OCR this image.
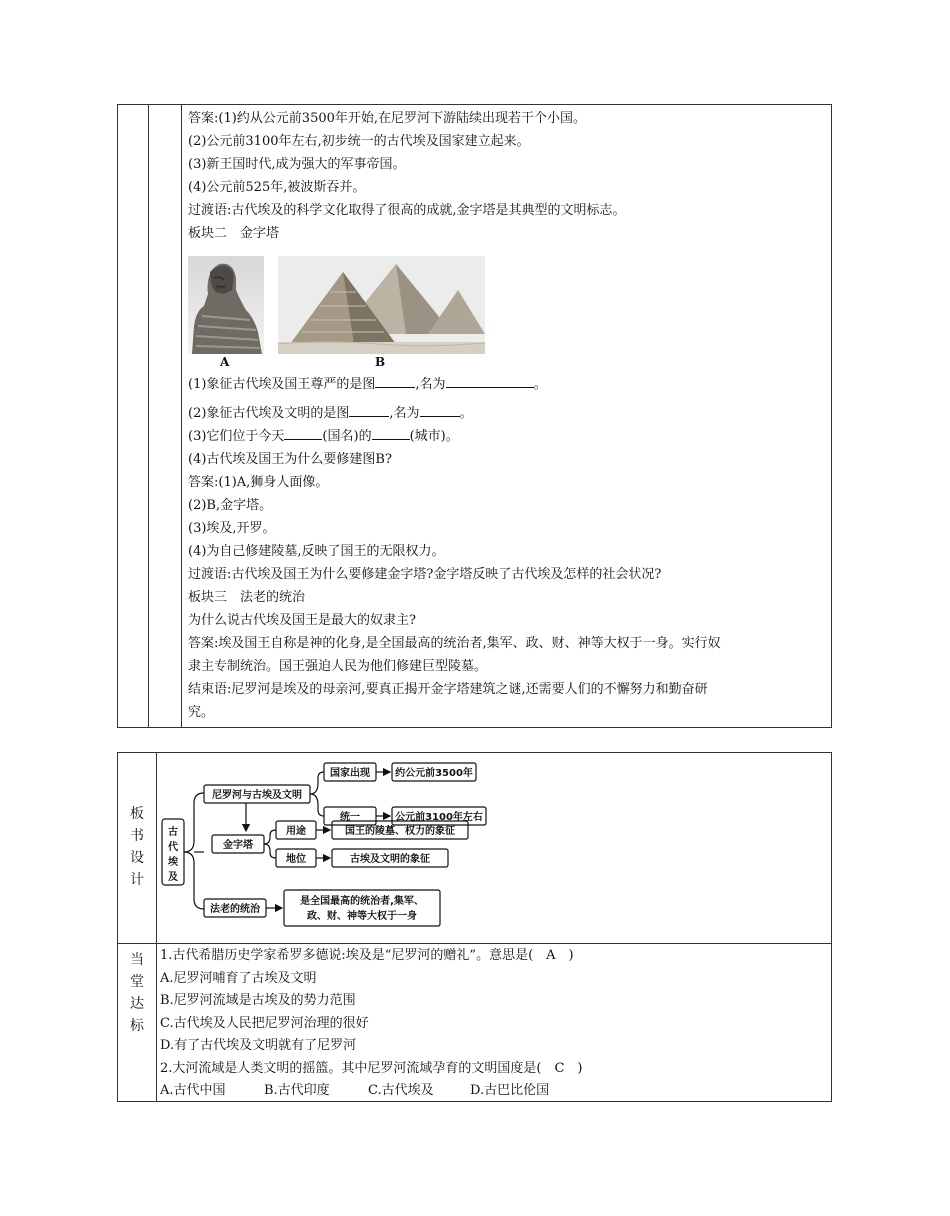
答案:(1)约从公元前3500年开始,在尼罗河下游陆续出现若干个小国。
(2)公元前3100年左右,初步统一的古代埃及国家建立起来。
(3)新王国时代,成为强大的军事帝国。
(4)公元前525年,被波斯吞并。
过渡语:古代埃及的科学文化取得了很高的成就,金字塔是其典型的文明标志。
板块二　金字塔
A	B
(1)象征古代埃及国王尊严的是图	,名为	。
(2)象征古代埃及文明的是图	,名为	。
(3)它们位于今天	(国名)的	(城市)。
(4)古代埃及国王为什么要修建图B?
答案:(1)A,狮身人面像。
(2)B,金字塔。
(3)埃及,开罗。
(4)为自己修建陵墓,反映了国王的无限权力。
过渡语:古代埃及国王为什么要修建金字塔?金字塔反映了古代埃及怎样的社会状况?
板块三　法老的统治
为什么说古代埃及国王是最大的奴隶主?
答案:埃及国王自称是神的化身,是全国最高的统治者,集军、政、财、神等大权于一身。实行奴
隶主专制统治。国王强迫人民为他们修建巨型陵墓。
结束语:尼罗河是埃及的母亲河,要真正揭开金字塔建筑之谜,还需要人们的不懈努力和勤奋研
究。
板
书
设
计
古
代
埃
及
尼罗河与古埃及文明
国家出现
统一
约公元前3500年
公元前3100年左右
金字塔
用途
地位
国王的陵墓、权力的象征
古埃及文明的象征
法老的统治
是全国最高的统治者,集军、
政、财、神等大权于一身
当
堂
达
标
1.古代希腊历史学家希罗多德说:埃及是“尼罗河的赠礼”。意思是(　A　)
A.尼罗河哺育了古埃及文明
B.尼罗河流域是古埃及的势力范围
C.古代埃及人民把尼罗河治理的很好
D.有了古代埃及文明就有了尼罗河
2.大河流域是人类文明的摇篮。其中尼罗河流域孕育的文明国度是(　C　)
A.古代中国	B.古代印度	C.古代埃及	D.古巴比伦国
